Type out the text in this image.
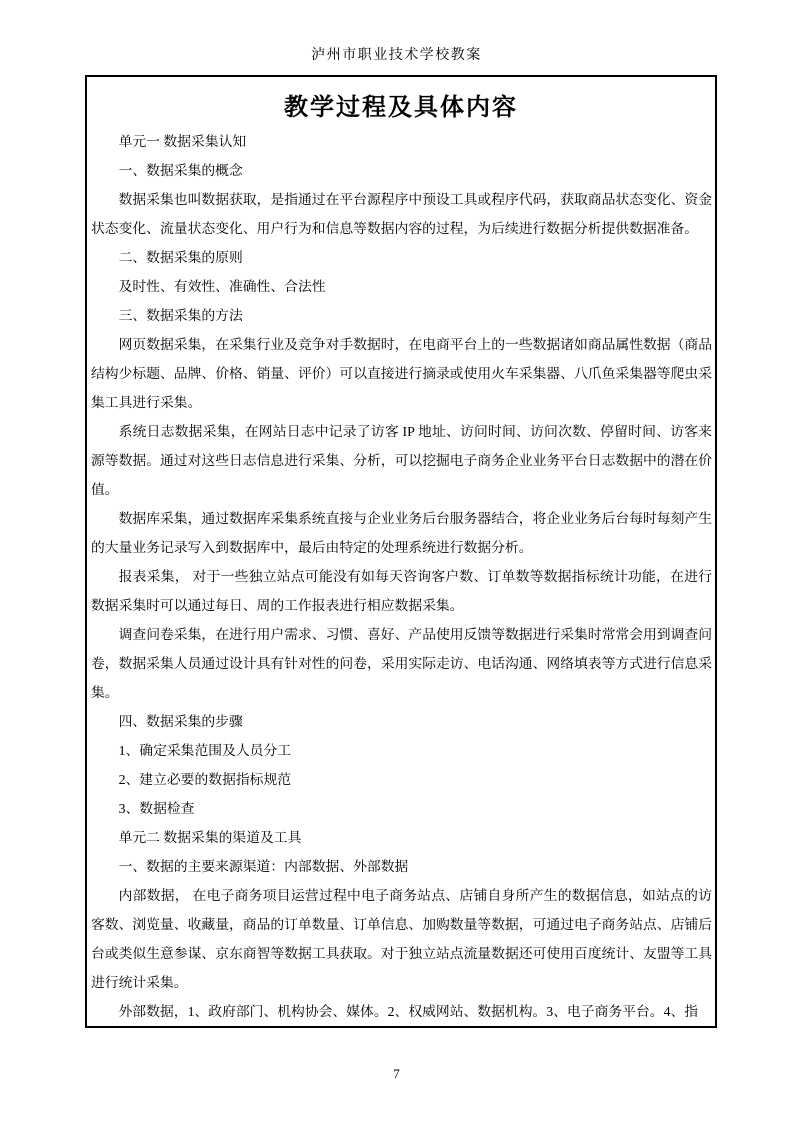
泸州市职业技术学校教案
教学过程及具体内容

单元一 数据采集认知

一、数据采集的概念

数据采集也叫数据获取，是指通过在平台源程序中预设工具或程序代码，获取商品状态变化、资金状态变化、流量状态变化、用户行为和信息等数据内容的过程，为后续进行数据分析提供数据准备。

二、数据采集的原则

及时性、有效性、准确性、合法性

三、数据采集的方法

网页数据采集，在采集行业及竞争对手数据时，在电商平台上的一些数据诸如商品属性数据（商品结构少标题、品牌、价格、销量、评价）可以直接进行摘录或使用火车采集器、八爪鱼采集器等爬虫采集工具进行采集。

系统日志数据采集，在网站日志中记录了访客 IP 地址、访问时间、访问次数、停留时间、访客来源等数据。通过对这些日志信息进行采集、分析，可以挖掘电子商务企业业务平台日志数据中的潜在价值。

数据库采集，通过数据库采集系统直接与企业业务后台服务器结合，将企业业务后台每时每刻产生的大量业务记录写入到数据库中，最后由特定的处理系统进行数据分析。

报表采集， 对于一些独立站点可能没有如每天咨询客户数、订单数等数据指标统计功能，在进行数据采集时可以通过每日、周的工作报表进行相应数据采集。

调查问卷采集，在进行用户需求、习惯、喜好、产品使用反馈等数据进行采集时常常会用到调查问卷，数据采集人员通过设计具有针对性的问卷，采用实际走访、电话沟通、网络填表等方式进行信息采集。

四、数据采集的步骤

1、确定采集范围及人员分工

2、建立必要的数据指标规范

3、数据检查

单元二 数据采集的渠道及工具

一、数据的主要来源渠道：内部数据、外部数据

内部数据， 在电子商务项目运营过程中电子商务站点、店铺自身所产生的数据信息，如站点的访客数、浏览量、收藏量，商品的订单数量、订单信息、加购数量等数据，可通过电子商务站点、店铺后台或类似生意参谋、京东商智等数据工具获取。对于独立站点流量数据还可使用百度统计、友盟等工具进行统计采集。

外部数据，1、政府部门、机构协会、媒体。2、权威网站、数据机构。3、电子商务平台。4、指

7
